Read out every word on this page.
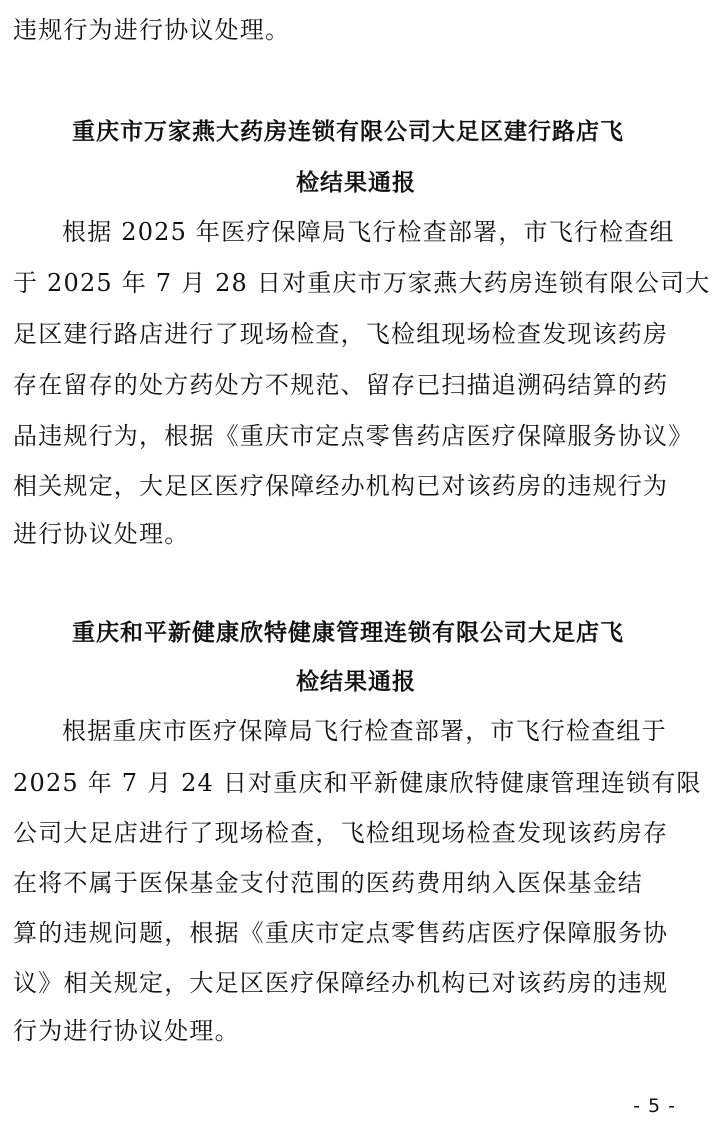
违规行为进行协议处理。
重庆市万家燕大药房连锁有限公司大足区建行路店飞
检结果通报
根据 2025 年医疗保障局飞行检查部署，市飞行检查组
于 2025 年 7 月 28 日对重庆市万家燕大药房连锁有限公司大
足区建行路店进行了现场检查，飞检组现场检查发现该药房
存在留存的处方药处方不规范、留存已扫描追溯码结算的药
品违规行为，根据《重庆市定点零售药店医疗保障服务协议》
相关规定，大足区医疗保障经办机构已对该药房的违规行为
进行协议处理。
重庆和平新健康欣特健康管理连锁有限公司大足店飞
检结果通报
根据重庆市医疗保障局飞行检查部署，市飞行检查组于
2025 年 7 月 24 日对重庆和平新健康欣特健康管理连锁有限
公司大足店进行了现场检查，飞检组现场检查发现该药房存
在将不属于医保基金支付范围的医药费用纳入医保基金结
算的违规问题，根据《重庆市定点零售药店医疗保障服务协
议》相关规定，大足区医疗保障经办机构已对该药房的违规
行为进行协议处理。
- 5 -
